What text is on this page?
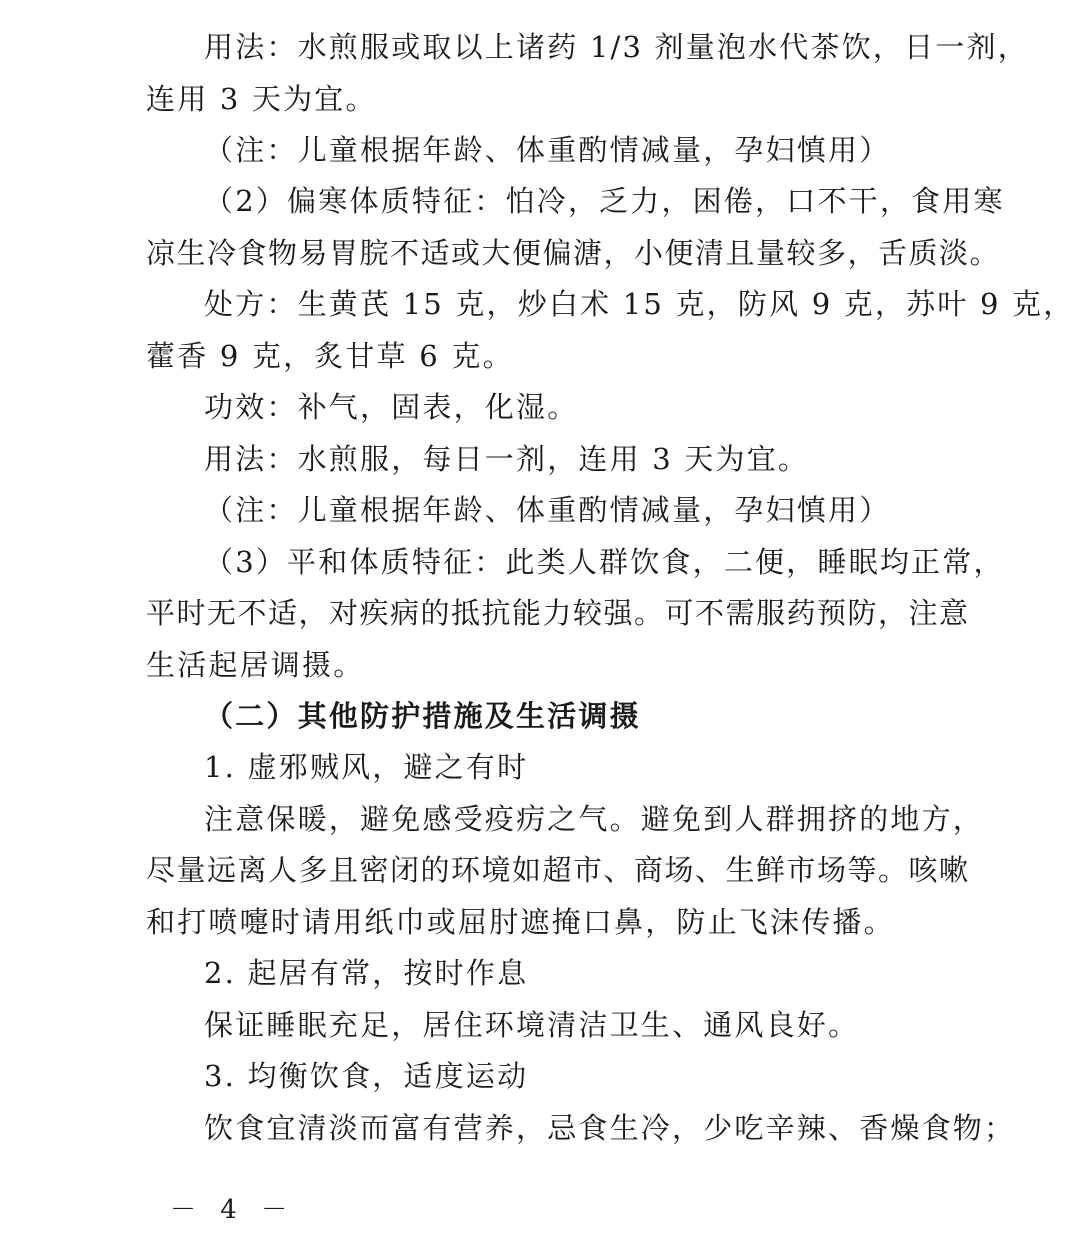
用法：水煎服或取以上诸药 1/3 剂量泡水代茶饮，日一剂，
连用 3 天为宜。
（注：儿童根据年龄、体重酌情减量，孕妇慎用）
（2）偏寒体质特征：怕冷，乏力，困倦，口不干，食用寒
凉生冷食物易胃脘不适或大便偏溏，小便清且量较多，舌质淡。
处方：生黄芪 15 克，炒白术 15 克，防风 9 克，苏叶 9 克，
藿香 9 克，炙甘草 6 克。
功效：补气，固表，化湿。
用法：水煎服，每日一剂，连用 3 天为宜。
（注：儿童根据年龄、体重酌情减量，孕妇慎用）
（3）平和体质特征：此类人群饮食，二便，睡眠均正常，
平时无不适，对疾病的抵抗能力较强。可不需服药预防，注意
生活起居调摄。
（二）其他防护措施及生活调摄
1. 虚邪贼风，避之有时
注意保暖，避免感受疫疠之气。避免到人群拥挤的地方，
尽量远离人多且密闭的环境如超市、商场、生鲜市场等。咳嗽
和打喷嚏时请用纸巾或屈肘遮掩口鼻，防止飞沫传播。
2. 起居有常，按时作息
保证睡眠充足，居住环境清洁卫生、通风良好。
3. 均衡饮食，适度运动
饮食宜清淡而富有营养，忌食生冷，少吃辛辣、香燥食物；
－ 4 －
